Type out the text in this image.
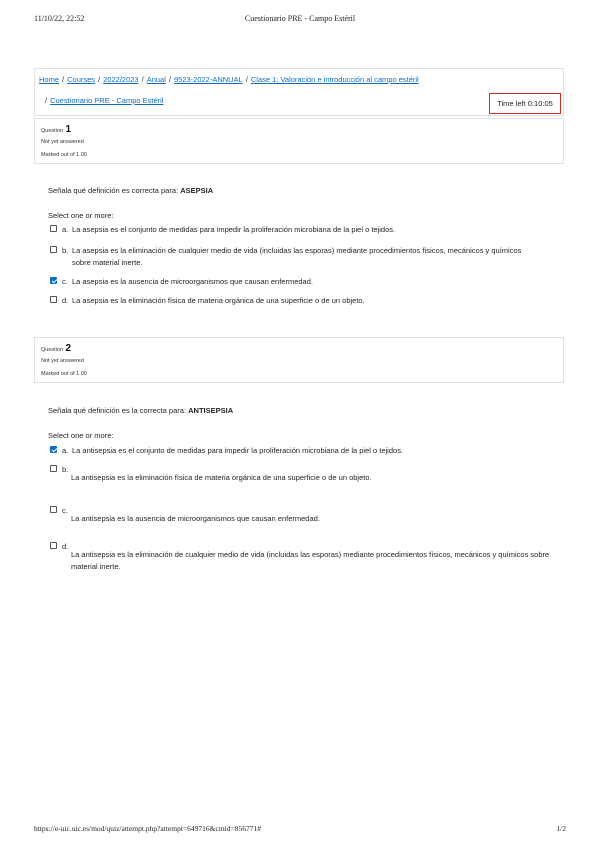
11/10/22, 22:52	Cuestionario PRE - Campo Estéril
Home / Courses / 2022/2023 / Anual / 9523-2022-ANNUAL / Clase 1: Valoración e introducción al campo estéril
/ Cuestionario PRE - Campo Estéril	Time left 0:10:05
Question 1
Not yet answered
Marked out of 1.00
Señala qué definición es correcta para: ASEPSIA
Select one or more:
a. La asepsia es el conjunto de medidas para impedir la proliferación microbiana de la piel o tejidos.
b. La asepsia es la eliminación de cualquier medio de vida (incluidas las esporas) mediante procedimientos físicos, mecánicos y químicos sobre material inerte.
c. La asepsia es la ausencia de microorganismos que causan enfermedad.
d. La asepsia es la eliminación física de materia orgánica de una superficie o de un objeto.
Question 2
Not yet answered
Marked out of 1.00
Señala qué definición es la correcta para: ANTISEPSIA
Select one or more:
a. La antisepsia es el conjunto de medidas para impedir la proliferación microbiana de la piel o tejidos.
b.
La antisepsia es la eliminación física de materia orgánica de una superficie o de un objeto.
c.
La antisepsia es la ausencia de microorganismos que causan enfermedad.
d.
La antisepsia es la eliminación de cualquier medio de vida (incluidas las esporas) mediante procedimientos físicos, mecánicos y químicos sobre material inerte.
https://e-uic.uic.es/mod/quiz/attempt.php?attempt=649716&cmid=856771#	1/2
